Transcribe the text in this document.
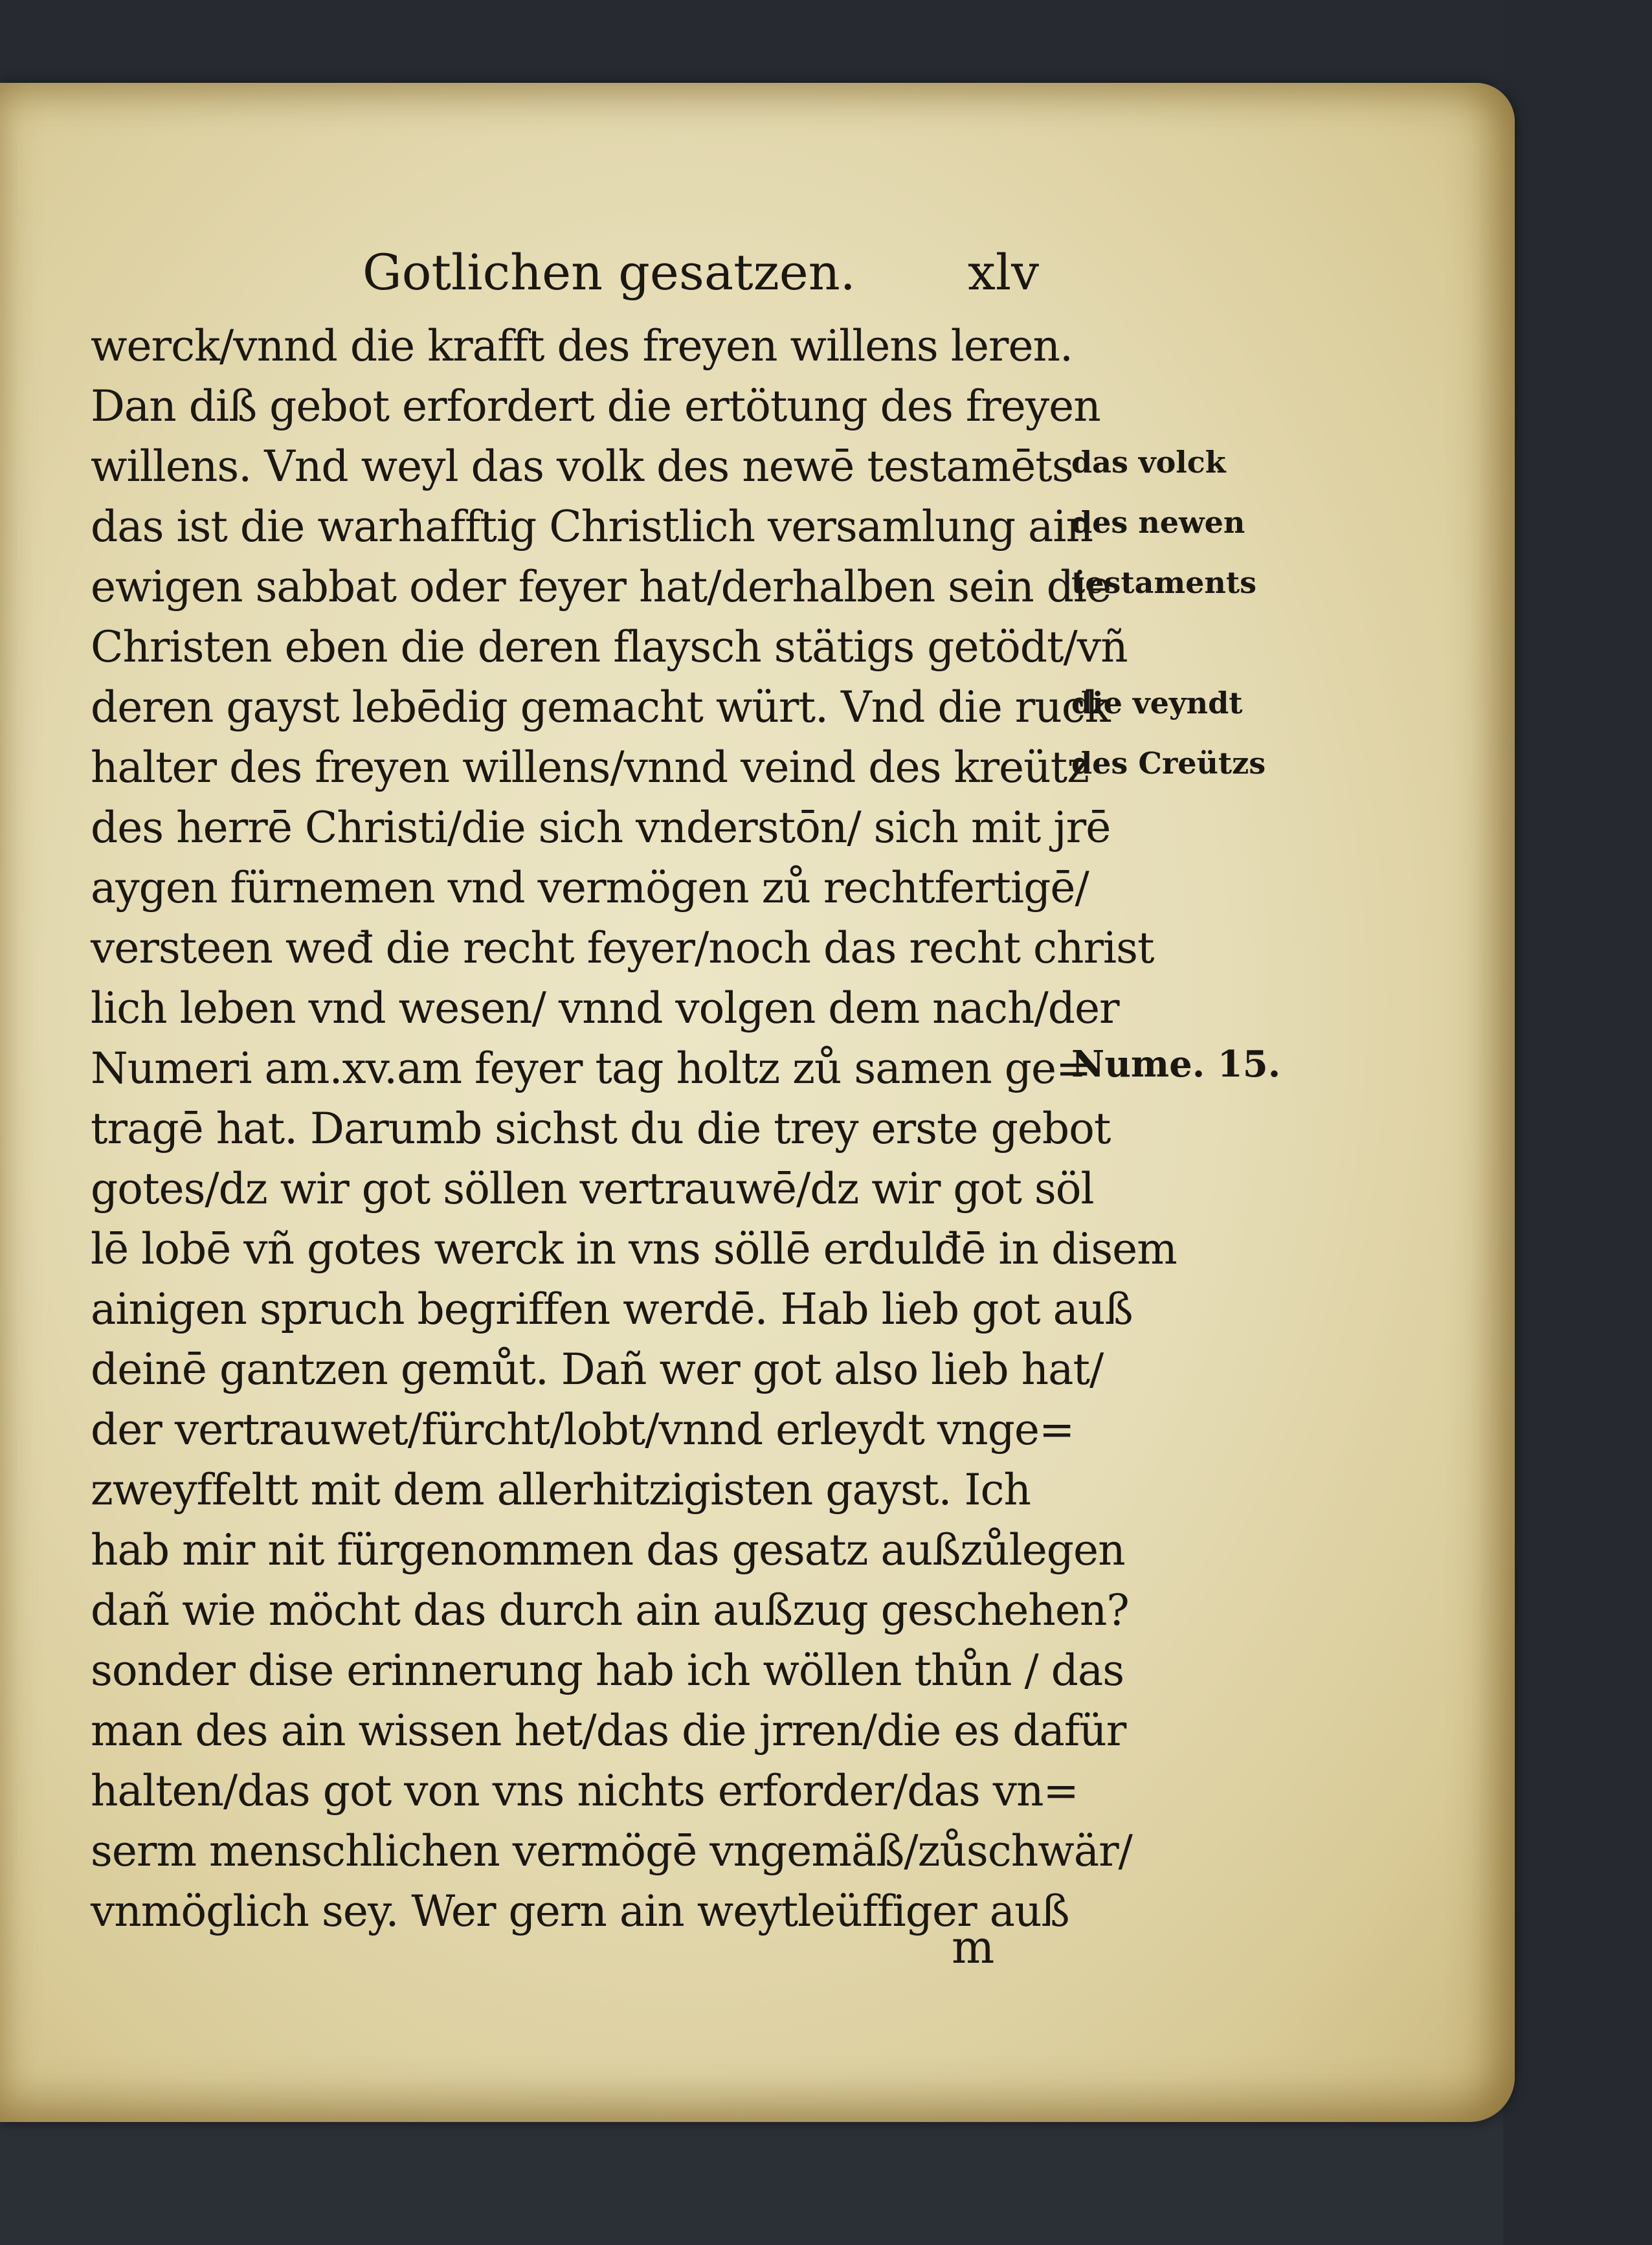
Gotlichen gesatzen. xlv
werck/vnnd die krafft des freyen willens leren.
Dan diß gebot erfordert die ertötung des freyen
willens. Vnd weyl das volk des newē testamēts
das ist die warhafftig Christlich versamlung ain
ewigen sabbat oder feyer hat/derhalben sein die
Christen eben die deren flaysch stätigs getödt/vñ
deren gayst lebēdig gemacht würt. Vnd die ruck
halter des freyen willens/vnnd veind des kreütz
des herrē Christi/die sich vnderstōn/ sich mit jrē
aygen fürnemen vnd vermögen zů rechtfertigē/
versteen weđ die recht feyer/noch das recht christ
lich leben vnd wesen/ vnnd volgen dem nach/der
Numeri am.xv.am feyer tag holtz zů samen ge=
tragē hat. Darumb sichst du die trey erste gebot
gotes/dz wir got söllen vertrauwē/dz wir got söl
lē lobē vñ gotes werck in vns söllē erdulđē in disem
ainigen spruch begriffen werdē. Hab lieb got auß
deinē gantzen gemůt. Dañ wer got also lieb hat/
der vertrauwet/fürcht/lobt/vnnd erleydt vnge=
zweyffeltt mit dem allerhitzigisten gayst. Ich
hab mir nit fürgenommen das gesatz außzůlegen
dañ wie möcht das durch ain außzug geschehen?
sonder dise erinnerung hab ich wöllen thůn / das
man des ain wissen het/das die jrren/die es dafür
halten/das got von vns nichts erforder/das vn=
serm menschlichen vermögē vngemäß/zůschwär/
vnmöglich sey. Wer gern ain weytleüffiger auß
das volck
des newen
testaments
die veyndt
des Creützs
Nume. 15.
m
